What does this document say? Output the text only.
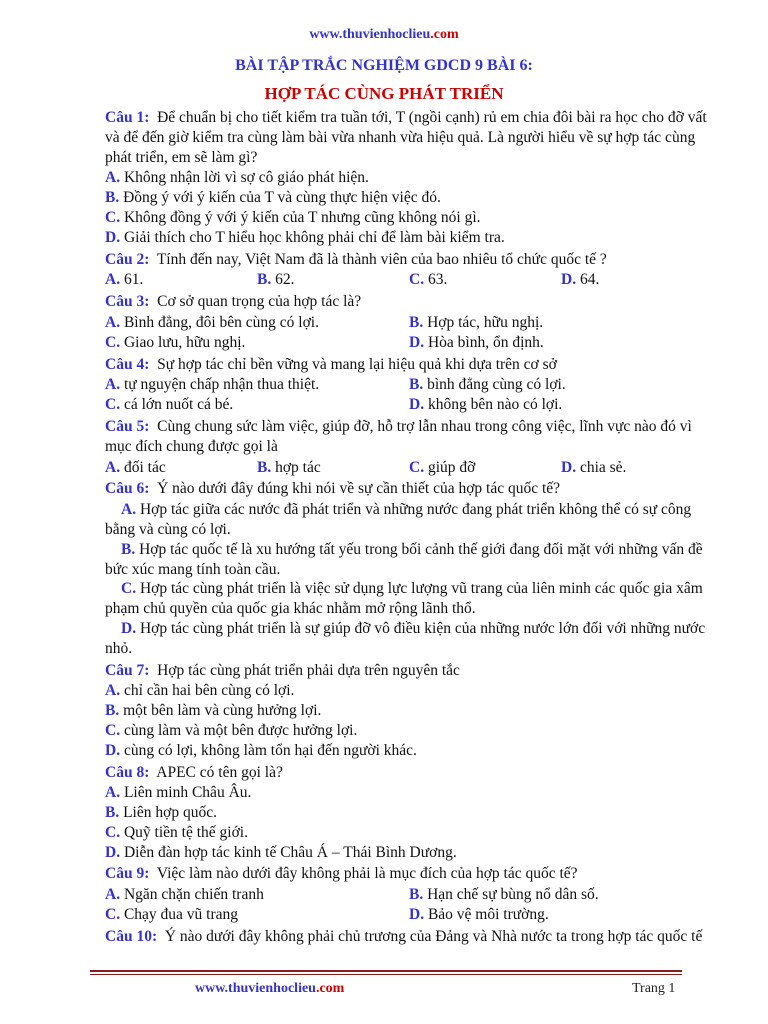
www.thuvienhoclieu.com
BÀI TẬP TRẮC NGHIỆM GDCD 9 BÀI 6:
HỢP TÁC CÙNG PHÁT TRIỂN
Câu 1: Để chuẩn bị cho tiết kiểm tra tuần tới, T (ngồi cạnh) rủ em chia đôi bài ra học cho đỡ vất và để đến giờ kiểm tra cùng làm bài vừa nhanh vừa hiệu quả. Là người hiểu về sự hợp tác cùng phát triển, em sẽ làm gì?
A. Không nhận lời vì sợ cô giáo phát hiện.
B. Đồng ý với ý kiến của T và cùng thực hiện việc đó.
C. Không đồng ý với ý kiến của T nhưng cũng không nói gì.
D. Giải thích cho T hiểu học không phải chỉ để làm bài kiểm tra.
Câu 2: Tính đến nay, Việt Nam đã là thành viên của bao nhiêu tổ chức quốc tế ?
A. 61.	B. 62.	C. 63.	D. 64.
Câu 3: Cơ sở quan trọng của hợp tác là?
A. Bình đẳng, đôi bên cùng có lợi.	B. Hợp tác, hữu nghị.
C. Giao lưu, hữu nghị.	D. Hòa bình, ổn định.
Câu 4: Sự hợp tác chỉ bền vững và mang lại hiệu quả khi dựa trên cơ sở
A. tự nguyện chấp nhận thua thiệt.	B. bình đẳng cùng có lợi.
C. cá lớn nuốt cá bé.	D. không bên nào có lợi.
Câu 5: Cùng chung sức làm việc, giúp đỡ, hỗ trợ lẫn nhau trong công việc, lĩnh vực nào đó vì mục đích chung được gọi là
A. đối tác	B. hợp tác	C. giúp đỡ	D. chia sẻ.
Câu 6: Ý nào dưới đây đúng khi nói về sự cần thiết của hợp tác quốc tế?
A. Hợp tác giữa các nước đã phát triển và những nước đang phát triển không thể có sự công bằng và cùng có lợi.
B. Hợp tác quốc tế là xu hướng tất yếu trong bối cảnh thế giới đang đối mặt với những vấn đề bức xúc mang tính toàn cầu.
C. Hợp tác cùng phát triển là việc sử dụng lực lượng vũ trang của liên minh các quốc gia xâm phạm chủ quyền của quốc gia khác nhằm mở rộng lãnh thổ.
D. Hợp tác cùng phát triển là sự giúp đỡ vô điều kiện của những nước lớn đối với những nước nhỏ.
Câu 7: Hợp tác cùng phát triển phải dựa trên nguyên tắc
A. chỉ cần hai bên cùng có lợi.
B. một bên làm và cùng hưởng lợi.
C. cùng làm và một bên được hưởng lợi.
D. cùng có lợi, không làm tổn hại đến người khác.
Câu 8: APEC có tên gọi là?
A. Liên minh Châu Âu.
B. Liên hợp quốc.
C. Quỹ tiền tệ thế giới.
D. Diễn đàn hợp tác kinh tế Châu Á – Thái Bình Dương.
Câu 9: Việc làm nào dưới đây không phải là mục đích của hợp tác quốc tế?
A. Ngăn chặn chiến tranh	B. Hạn chế sự bùng nổ dân số.
C. Chạy đua vũ trang	D. Bảo vệ môi trường.
Câu 10: Ý nào dưới đây không phải chủ trương của Đảng và Nhà nước ta trong hợp tác quốc tế
www.thuvienhoclieu.com	Trang 1
